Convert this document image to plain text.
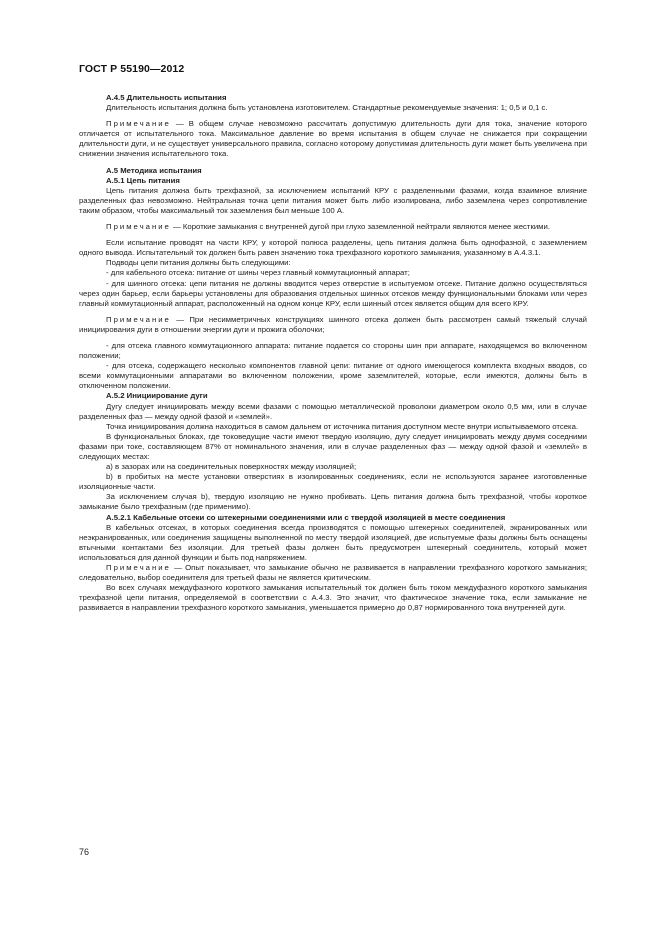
ГОСТ Р 55190—2012

А.4.5 Длительность испытания

Длительность испытания должна быть установлена изготовителем. Стандартные рекомендуемые значения: 1; 0,5 и 0,1 с.

Примечание — В общем случае невозможно рассчитать допустимую длительность дуги для тока, значение которого отличается от испытательного тока. Максимальное давление во время испытания в общем случае не снижается при сокращении длительности дуги, и не существует универсального правила, согласно которому допустимая длительность дуги может быть увеличена при снижении значения испытательного тока.

А.5 Методика испытания

А.5.1 Цепь питания

Цепь питания должна быть трехфазной, за исключением испытаний КРУ с разделенными фазами, когда взаимное влияние разделенных фаз невозможно. Нейтральная точка цепи питания может быть либо изолирована, либо заземлена через сопротивление таким образом, чтобы максимальный ток заземления был меньше 100 А.

Примечание — Короткие замыкания с внутренней дугой при глухо заземленной нейтрали являются менее жесткими.

Если испытание проводят на части КРУ, у которой полюса разделены, цепь питания должна быть однофазной, с заземлением одного вывода. Испытательный ток должен быть равен значению тока трехфазного короткого замыкания, указанному в А.4.3.1.

Подводы цепи питания должны быть следующими:

- для кабельного отсека: питание от шины через главный коммутационный аппарат;

- для шинного отсека: цепи питания не должны вводится через отверстие в испытуемом отсеке. Питание должно осуществляться через один барьер, если барьеры установлены для образования отдельных шинных отсеков между функциональными блоками или через главный коммутационный аппарат, расположенный на одном конце КРУ, если шинный отсек является общим для всего КРУ.

Примечание — При несимметричных конструкциях шинного отсека должен быть рассмотрен самый тяжелый случай инициирования дуги в отношении энергии дуги и прожига оболочки;

- для отсека главного коммутационного аппарата: питание подается со стороны шин при аппарате, находящемся во включенном положении;

- для отсека, содержащего несколько компонентов главной цепи: питание от одного имеющегося комплекта входных вводов, со всеми коммутационными аппаратами во включенном положении, кроме заземлителей, которые, если имеются, должны быть в отключенном положении.

А.5.2 Инициирование дуги

Дугу следует инициировать между всеми фазами с помощью металлической проволоки диаметром около 0,5 мм, или в случае разделенных фаз — между одной фазой и «землей».

Точка инициирования должна находиться в самом дальнем от источника питания доступном месте внутри испытываемого отсека.

В функциональных блоках, где токоведущие части имеют твердую изоляцию, дугу следует инициировать между двумя соседними фазами при токе, составляющем 87% от номинального значения, или в случае разделенных фаз — между одной фазой и «землей» в следующих местах:

а) в зазорах или на соединительных поверхностях между изоляцией;

b) в пробитых на месте установки отверстиях в изолированных соединениях, если не используются заранее изготовленные изоляционные части.

За исключением случая b), твердую изоляцию не нужно пробивать. Цепь питания должна быть трехфазной, чтобы короткое замыкание было трехфазным (где применимо).

А.5.2.1 Кабельные отсеки со штекерными соединениями или с твердой изоляцией в месте соединения

В кабельных отсеках, в которых соединения всегда производятся с помощью штекерных соединителей, экранированных или неэкранированных, или соединения защищены выполненной по месту твердой изоляцией, две испытуемые фазы должны быть оснащены втычными контактами без изоляции. Для третьей фазы должен быть предусмотрен штекерный соединитель, который может использоваться для данной функции и быть под напряжением.

Примечание — Опыт показывает, что замыкание обычно не развивается в направлении трехфазного короткого замыкания; следовательно, выбор соединителя для третьей фазы не является критическим.

Во всех случаях междуфазного короткого замыкания испытательный ток должен быть током междуфазного короткого замыкания трехфазной цепи питания, определяемой в соответствии с А.4.3. Это значит, что фактическое значение тока, если замыкание не развивается в направлении трехфазного короткого замыкания, уменьшается примерно до 0,87 нормированного тока внутренней дуги.

76
